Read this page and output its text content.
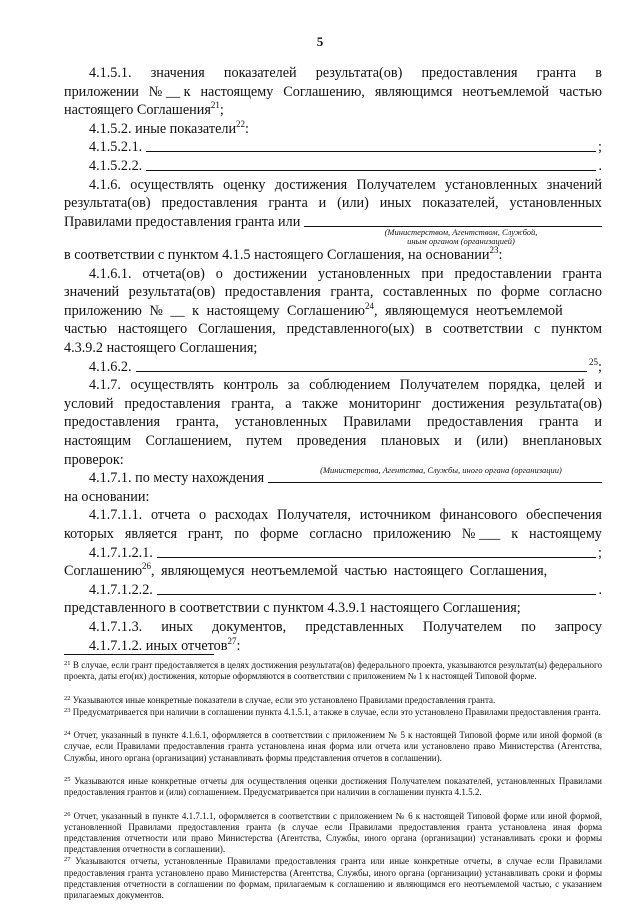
5
4.1.5.1. значения показателей результата(ов) предоставления гранта в
приложении № __ к настоящему Соглашению, являющимся неотъемлемой частью
настоящего Соглашения$^{21}$;
4.1.5.2. иные показатели$^{22}$:
4.1.5.2.1.	;
4.1.5.2.2.	.
4.1.6. осуществлять оценку достижения Получателем установленных значений
результата(ов) предоставления гранта и (или) иных показателей, установленных
Правилами предоставления гранта или
(Министерством, Агентством, Службой,
иным органом (организацией)
в соответствии с пунктом 4.1.5 настоящего Соглашения, на основании$^{23}$:
4.1.6.1. отчета(ов) о достижении установленных при предоставлении гранта
значений результата(ов) предоставления гранта, составленных по форме согласно
приложению № __ к настоящему Соглашению$^{24}$, являющемуся неотъемлемой
частью настоящего Соглашения, представленного(ых) в соответствии с пунктом
4.3.9.2 настоящего Соглашения;
4.1.6.2.	$^{25}$;
4.1.7. осуществлять контроль за соблюдением Получателем порядка, целей и
условий предоставления гранта, а также мониторинг достижения результата(ов)
предоставления гранта, установленных Правилами предоставления гранта и
настоящим Соглашением, путем проведения плановых и (или) внеплановых
проверок:
4.1.7.1. по месту нахождения
(Министерства, Агентства, Службы, иного органа (организации)
на основании:
4.1.7.1.1. отчета о расходах Получателя, источником финансового обеспечения
которых является грант, по форме согласно приложению № ___ к настоящему
Соглашению$^{26}$, являющемуся неотъемлемой частью настоящего Соглашения,
представленного в соответствии с пунктом 4.3.9.1 настоящего Соглашения;
4.1.7.1.2. иных отчетов$^{27}$:
4.1.7.1.2.1.	;
4.1.7.1.2.2.	.
4.1.7.1.3. иных документов, представленных Получателем по запросу
$^{21}$ В случае, если грант предоставляется в целях достижения результата(ов) федерального проекта, указываются результат(ы) федерального проекта, даты его(их) достижения, которые оформляются в соответствии с приложением № 1 к настоящей Типовой форме.
$^{22}$ Указываются иные конкретные показатели в случае, если это установлено Правилами предоставления гранта.
$^{23}$ Предусматривается при наличии в соглашении пункта 4.1.5.1, а также в случае, если это установлено Правилами предоставления гранта.
$^{24}$ Отчет, указанный в пункте 4.1.6.1, оформляется в соответствии с приложением № 5 к настоящей Типовой форме или иной формой (в случае, если Правилами предоставления гранта установлена иная форма или отчета или установлено право Министерства (Агентства, Службы, иного органа (организации) устанавливать формы представления отчетов в соглашении).
$^{25}$ Указываются иные конкретные отчеты для осуществления оценки достижения Получателем показателей, установленных Правилами предоставления грантов и (или) соглашением. Предусматривается при наличии в соглашении пункта 4.1.5.2.
$^{26}$ Отчет, указанный в пункте 4.1.7.1.1, оформляется в соответствии с приложением № 6 к настоящей Типовой форме или иной формой, установленной Правилами предоставления гранта (в случае если Правилами предоставления гранта установлена иная форма представления отчетности или право Министерства (Агентства, Службы, иного органа (организации) устанавливать сроки и формы представления отчетности в соглашении).
$^{27}$ Указываются отчеты, установленные Правилами предоставления гранта или иные конкретные отчеты, в случае если Правилами предоставления гранта установлено право Министерства (Агентства, Службы, иного органа (организации) устанавливать сроки и формы представления отчетности в соглашении по формам, прилагаемым к соглашению и являющимся его неотъемлемой частью, с указанием прилагаемых документов.
